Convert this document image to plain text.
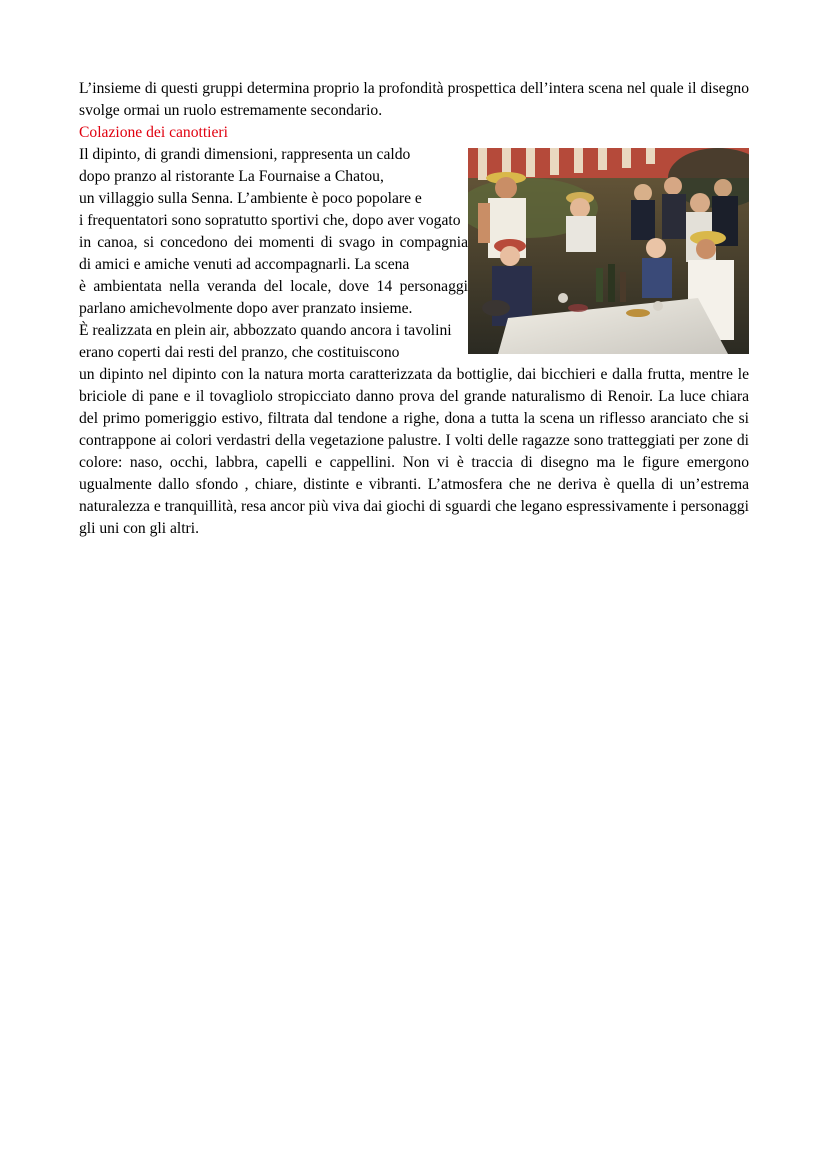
L’insieme di questi gruppi determina proprio la profondità prospettica dell’intera scena nel quale il disegno svolge ormai un ruolo estremamente secondario.

Colazione dei canottieri

Il dipinto, di grandi dimensioni, rappresenta un caldo
dopo pranzo al ristorante La Fournaise a Chatou,
un villaggio sulla Senna. L’ambiente è poco popolare e
i frequentatori sono sopratutto sportivi che, dopo aver vogato
in canoa, si concedono dei momenti di svago in compagnia
di amici e amiche venuti ad accompagnarli. La scena
è ambientata nella veranda del locale, dove 14 personaggi
parlano amichevolmente dopo aver pranzato insieme.
È realizzata en plein air, abbozzato quando ancora i tavolini
erano coperti dai resti del pranzo, che costituiscono

un dipinto nel dipinto con la natura morta caratterizzata da bottiglie, dai bicchieri e dalla frutta, mentre le briciole di pane e il tovagliolo stropicciato danno prova del grande naturalismo di Renoir. La luce chiara del primo pomeriggio estivo, filtrata dal tendone a righe, dona a tutta la scena un riflesso aranciato che si contrappone ai colori verdastri della vegetazione palustre. I volti delle ragazze sono tratteggiati per zone di colore: naso, occhi, labbra, capelli e cappellini. Non vi è traccia di disegno ma le figure emergono ugualmente dallo sfondo , chiare, distinte e vibranti. L’atmosfera che ne deriva è quella di un’estrema naturalezza e tranquillità, resa ancor più viva dai giochi di sguardi che legano espressivamente i personaggi gli uni con gli altri.
